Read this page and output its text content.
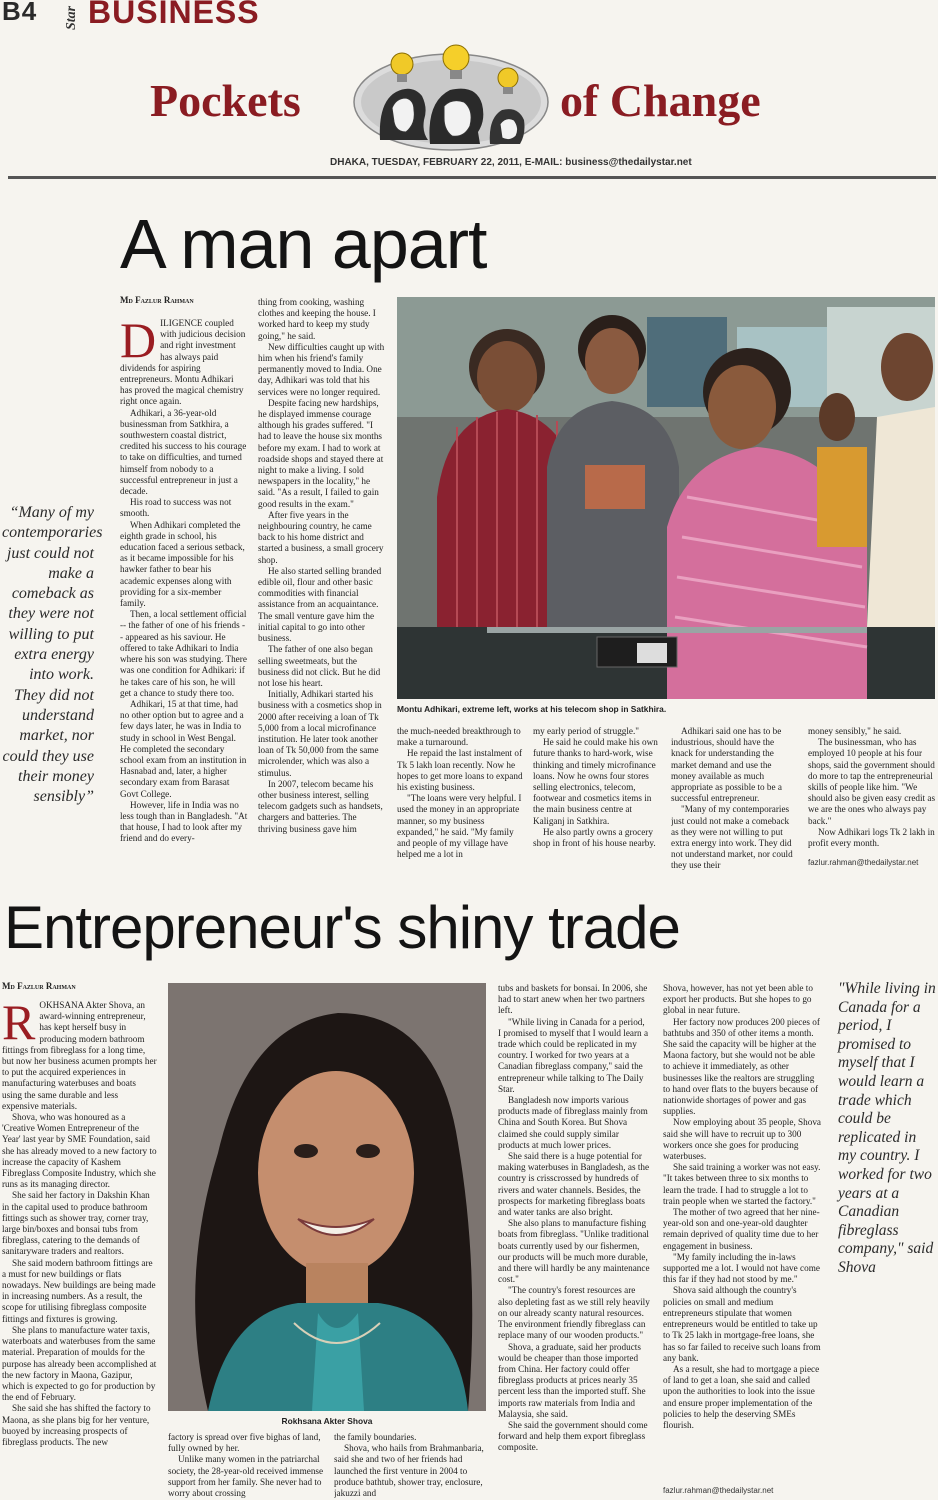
B4 Star BUSINESS
Pockets	of Change
DHAKA, TUESDAY, FEBRUARY 22, 2011, E-MAIL: business@thedailystar.net
A man apart
Md Fazlur Rahman
“Many of my contemporaries just could not make a comeback as they were not willing to put extra energy into work. They did not understand market, nor could they use their money sensibly”

DILIGENCE coupled with judicious decision and right investment has always paid dividends for aspiring entrepreneurs. Montu Adhikari has proved the magical chemistry right once again.

Adhikari, a 36-year-old businessman from Satkhira, a southwestern coastal district, credited his success to his courage to take on difficulties, and turned himself from nobody to a successful entrepreneur in just a decade.

His road to success was not smooth.

When Adhikari completed the eighth grade in school, his education faced a serious setback, as it became impossible for his hawker father to bear his academic expenses along with providing for a six-member family.

Then, a local settlement official -- the father of one of his friends -- appeared as his saviour. He offered to take Adhikari to India where his son was studying. There was one condition for Adhikari: if he takes care of his son, he will get a chance to study there too.

Adhikari, 15 at that time, had no other option but to agree and a few days later, he was in India to study in school in West Bengal. He completed the secondary school exam from an institution in Hasnabad and, later, a higher secondary exam from Barasat Govt College.

However, life in India was no less tough than in Bangladesh. "At that house, I had to look after my friend and do every-

thing from cooking, washing clothes and keeping the house. I worked hard to keep my study going," he said.

New difficulties caught up with him when his friend's family permanently moved to India. One day, Adhikari was told that his services were no longer required.

Despite facing new hardships, he displayed immense courage although his grades suffered. "I had to leave the house six months before my exam. I had to work at roadside shops and stayed there at night to make a living. I sold newspapers in the locality," he said. "As a result, I failed to gain good results in the exam."

After five years in the neighbouring country, he came back to his home district and started a business, a small grocery shop.

He also started selling branded edible oil, flour and other basic commodities with financial assistance from an acquaintance. The small venture gave him the initial capital to go into other business.

The father of one also began selling sweetmeats, but the business did not click. But he did not lose his heart.

Initially, Adhikari started his business with a cosmetics shop in 2000 after receiving a loan of Tk 5,000 from a local microfinance institution. He later took another loan of Tk 50,000 from the same microlender, which was also a stimulus.

In 2007, telecom became his other business interest, selling telecom gadgets such as handsets, chargers and batteries. The thriving business gave him

Montu Adhikari, extreme left, works at his telecom shop in Satkhira.

the much-needed breakthrough to make a turnaround.

He repaid the last instalment of Tk 5 lakh loan recently. Now he hopes to get more loans to expand his existing business.

"The loans were very helpful. I used the money in an appropriate manner, so my business expanded," he said. "My family and people of my village have helped me a lot in

my early period of struggle."

He said he could make his own future thanks to hard-work, wise thinking and timely microfinance loans. Now he owns four stores selling electronics, telecom, footwear and cosmetics items in the main business centre at Kaliganj in Satkhira.

He also partly owns a grocery shop in front of his house nearby.

Adhikari said one has to be industrious, should have the knack for understanding the market demand and use the money available as much appropriate as possible to be a successful entrepreneur.

"Many of my contemporaries just could not make a comeback as they were not willing to put extra energy into work. They did not understand market, nor could they use their

money sensibly," he said.

The businessman, who has employed 10 people at his four shops, said the government should do more to tap the entrepreneurial skills of people like him. "We should also be given easy credit as we are the ones who always pay back."

Now Adhikari logs Tk 2 lakh in profit every month.

fazlur.rahman@thedailystar.net
Entrepreneur's shiny trade
Md Fazlur Rahman

ROKHSANA Akter Shova, an award-winning entrepreneur, has kept herself busy in producing modern bathroom fittings from fibreglass for a long time, but now her business acumen prompts her to put the acquired experiences in manufacturing waterbuses and boats using the same durable and less expensive materials.

Shova, who was honoured as a 'Creative Women Entrepreneur of the Year' last year by SME Foundation, said she has already moved to a new factory to increase the capacity of Kashem Fibreglass Composite Industry, which she runs as its managing director.

She said her factory in Dakshin Khan in the capital used to produce bathroom fittings such as shower tray, corner tray, large bin/boxes and bonsai tubs from fibreglass, catering to the demands of sanitaryware traders and realtors.

She said modern bathroom fittings are a must for new buildings or flats nowadays. New buildings are being made in increasing numbers. As a result, the scope for utilising fibreglass composite fittings and fixtures is growing.

She plans to manufacture water taxis, waterboats and waterbuses from the same material. Preparation of moulds for the purpose has already been accomplished at the new factory in Maona, Gazipur, which is expected to go for production by the end of February.

She said she has shifted the factory to Maona, as she plans big for her venture, buoyed by increasing prospects of fibreglass products. The new

Rokhsana Akter Shova

factory is spread over five bighas of land, fully owned by her.

Unlike many women in the patriarchal society, the 28-year-old received immense support from her family. She never had to worry about crossing

the family boundaries.

Shova, who hails from Brahmanbaria, said she and two of her friends had launched the first venture in 2004 to produce bathtub, shower tray, enclosure, jakuzzi and

tubs and baskets for bonsai. In 2006, she had to start anew when her two partners left.

"While living in Canada for a period, I promised to myself that I would learn a trade which could be replicated in my country. I worked for two years at a Canadian fibreglass company," said the entrepreneur while talking to The Daily Star.

Bangladesh now imports various products made of fibreglass mainly from China and South Korea. But Shova claimed she could supply similar products at much lower prices.

She said there is a huge potential for making waterbuses in Bangladesh, as the country is crisscrossed by hundreds of rivers and water channels. Besides, the prospects for marketing fibreglass boats and water tanks are also bright.

She also plans to manufacture fishing boats from fibreglass. "Unlike traditional boats currently used by our fishermen, our products will be much more durable, and there will hardly be any maintenance cost."

"The country's forest resources are also depleting fast as we still rely heavily on our already scanty natural resources. The environment friendly fibreglass can replace many of our wooden products."

Shova, a graduate, said her products would be cheaper than those imported from China. Her factory could offer fibreglass products at prices nearly 35 percent less than the imported stuff. She imports raw materials from India and Malaysia, she said.

She said the government should come forward and help them export fibreglass composite.

Shova, however, has not yet been able to export her products. But she hopes to go global in near future.

Her factory now produces 200 pieces of bathtubs and 350 of other items a month. She said the capacity will be higher at the Maona factory, but she would not be able to achieve it immediately, as other businesses like the realtors are struggling to hand over flats to the buyers because of nationwide shortages of power and gas supplies.

Now employing about 35 people, Shova said she will have to recruit up to 300 workers once she goes for producing waterbuses.

She said training a worker was not easy. "It takes between three to six months to learn the trade. I had to struggle a lot to train people when we started the factory."

The mother of two agreed that her nine-year-old son and one-year-old daughter remain deprived of quality time due to her engagement in business.

"My family including the in-laws supported me a lot. I would not have come this far if they had not stood by me."

Shova said although the country's policies on small and medium entrepreneurs stipulate that women entrepreneurs would be entitled to take up to Tk 25 lakh in mortgage-free loans, she has so far failed to receive such loans from any bank.

As a result, she had to mortgage a piece of land to get a loan, she said and called upon the authorities to look into the issue and ensure proper implementation of the policies to help the deserving SMEs flourish.

fazlur.rahman@thedailystar.net
"While living in Canada for a period, I promised to myself that I would learn a trade which could be replicated in my country. I worked for two years at a Canadian fibreglass company," said Shova
